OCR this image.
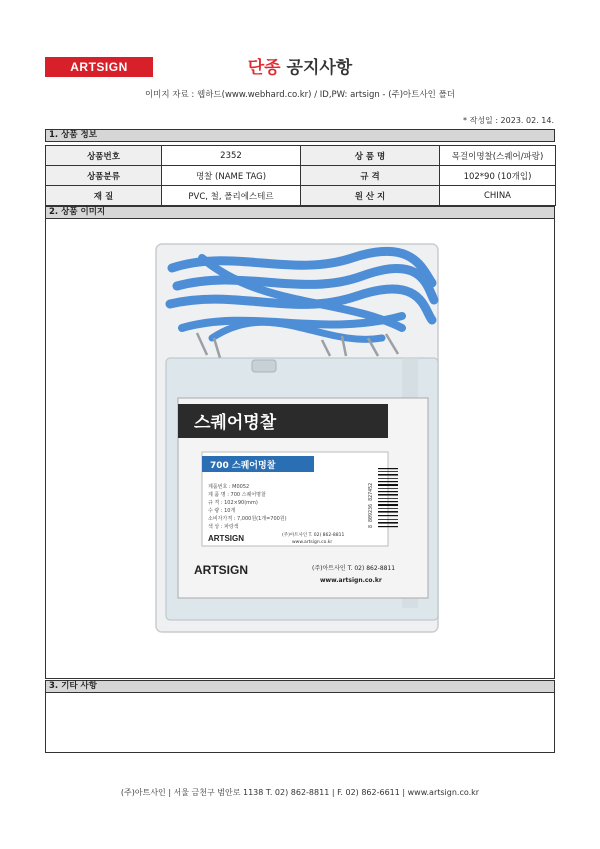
ARTSIGN	단종 공지사항
이미지 자료 : 웹하드(www.webhard.co.kr) / ID,PW: artsign - (주)아트사인 폴더
* 작성일 : 2023. 02. 14.
1. 상품 정보
상품번호	2352	상 품 명	목걸이명찰(스퀘어/파랑)
상품분류	명찰 (NAME TAG)	규 격	102*90 (10개입)
재 질	PVC, 철, 폴리에스테르	원 산 지	CHINA
2. 상품 이미지
스퀘어명찰
700 스퀘어명찰
제품번호 : M0052
제 품 명 : 700 스퀘어명찰
규 격 : 102×90(mm)
수 량 : 10개
소비자가격 : 7,000원(1개=700원)
색 상 : 파랑색
ARTSIGN	(주)아트사인 T. 02) 862-8811
www.artsign.co.kr
8 809236 827452
ARTSIGN	(주)아트사인 T. 02) 862-8811
www.artsign.co.kr
3. 기타 사항
(주)아트사인 | 서울 금천구 범안로 1138 T. 02) 862-8811 | F. 02) 862-6611 | www.artsign.co.kr
